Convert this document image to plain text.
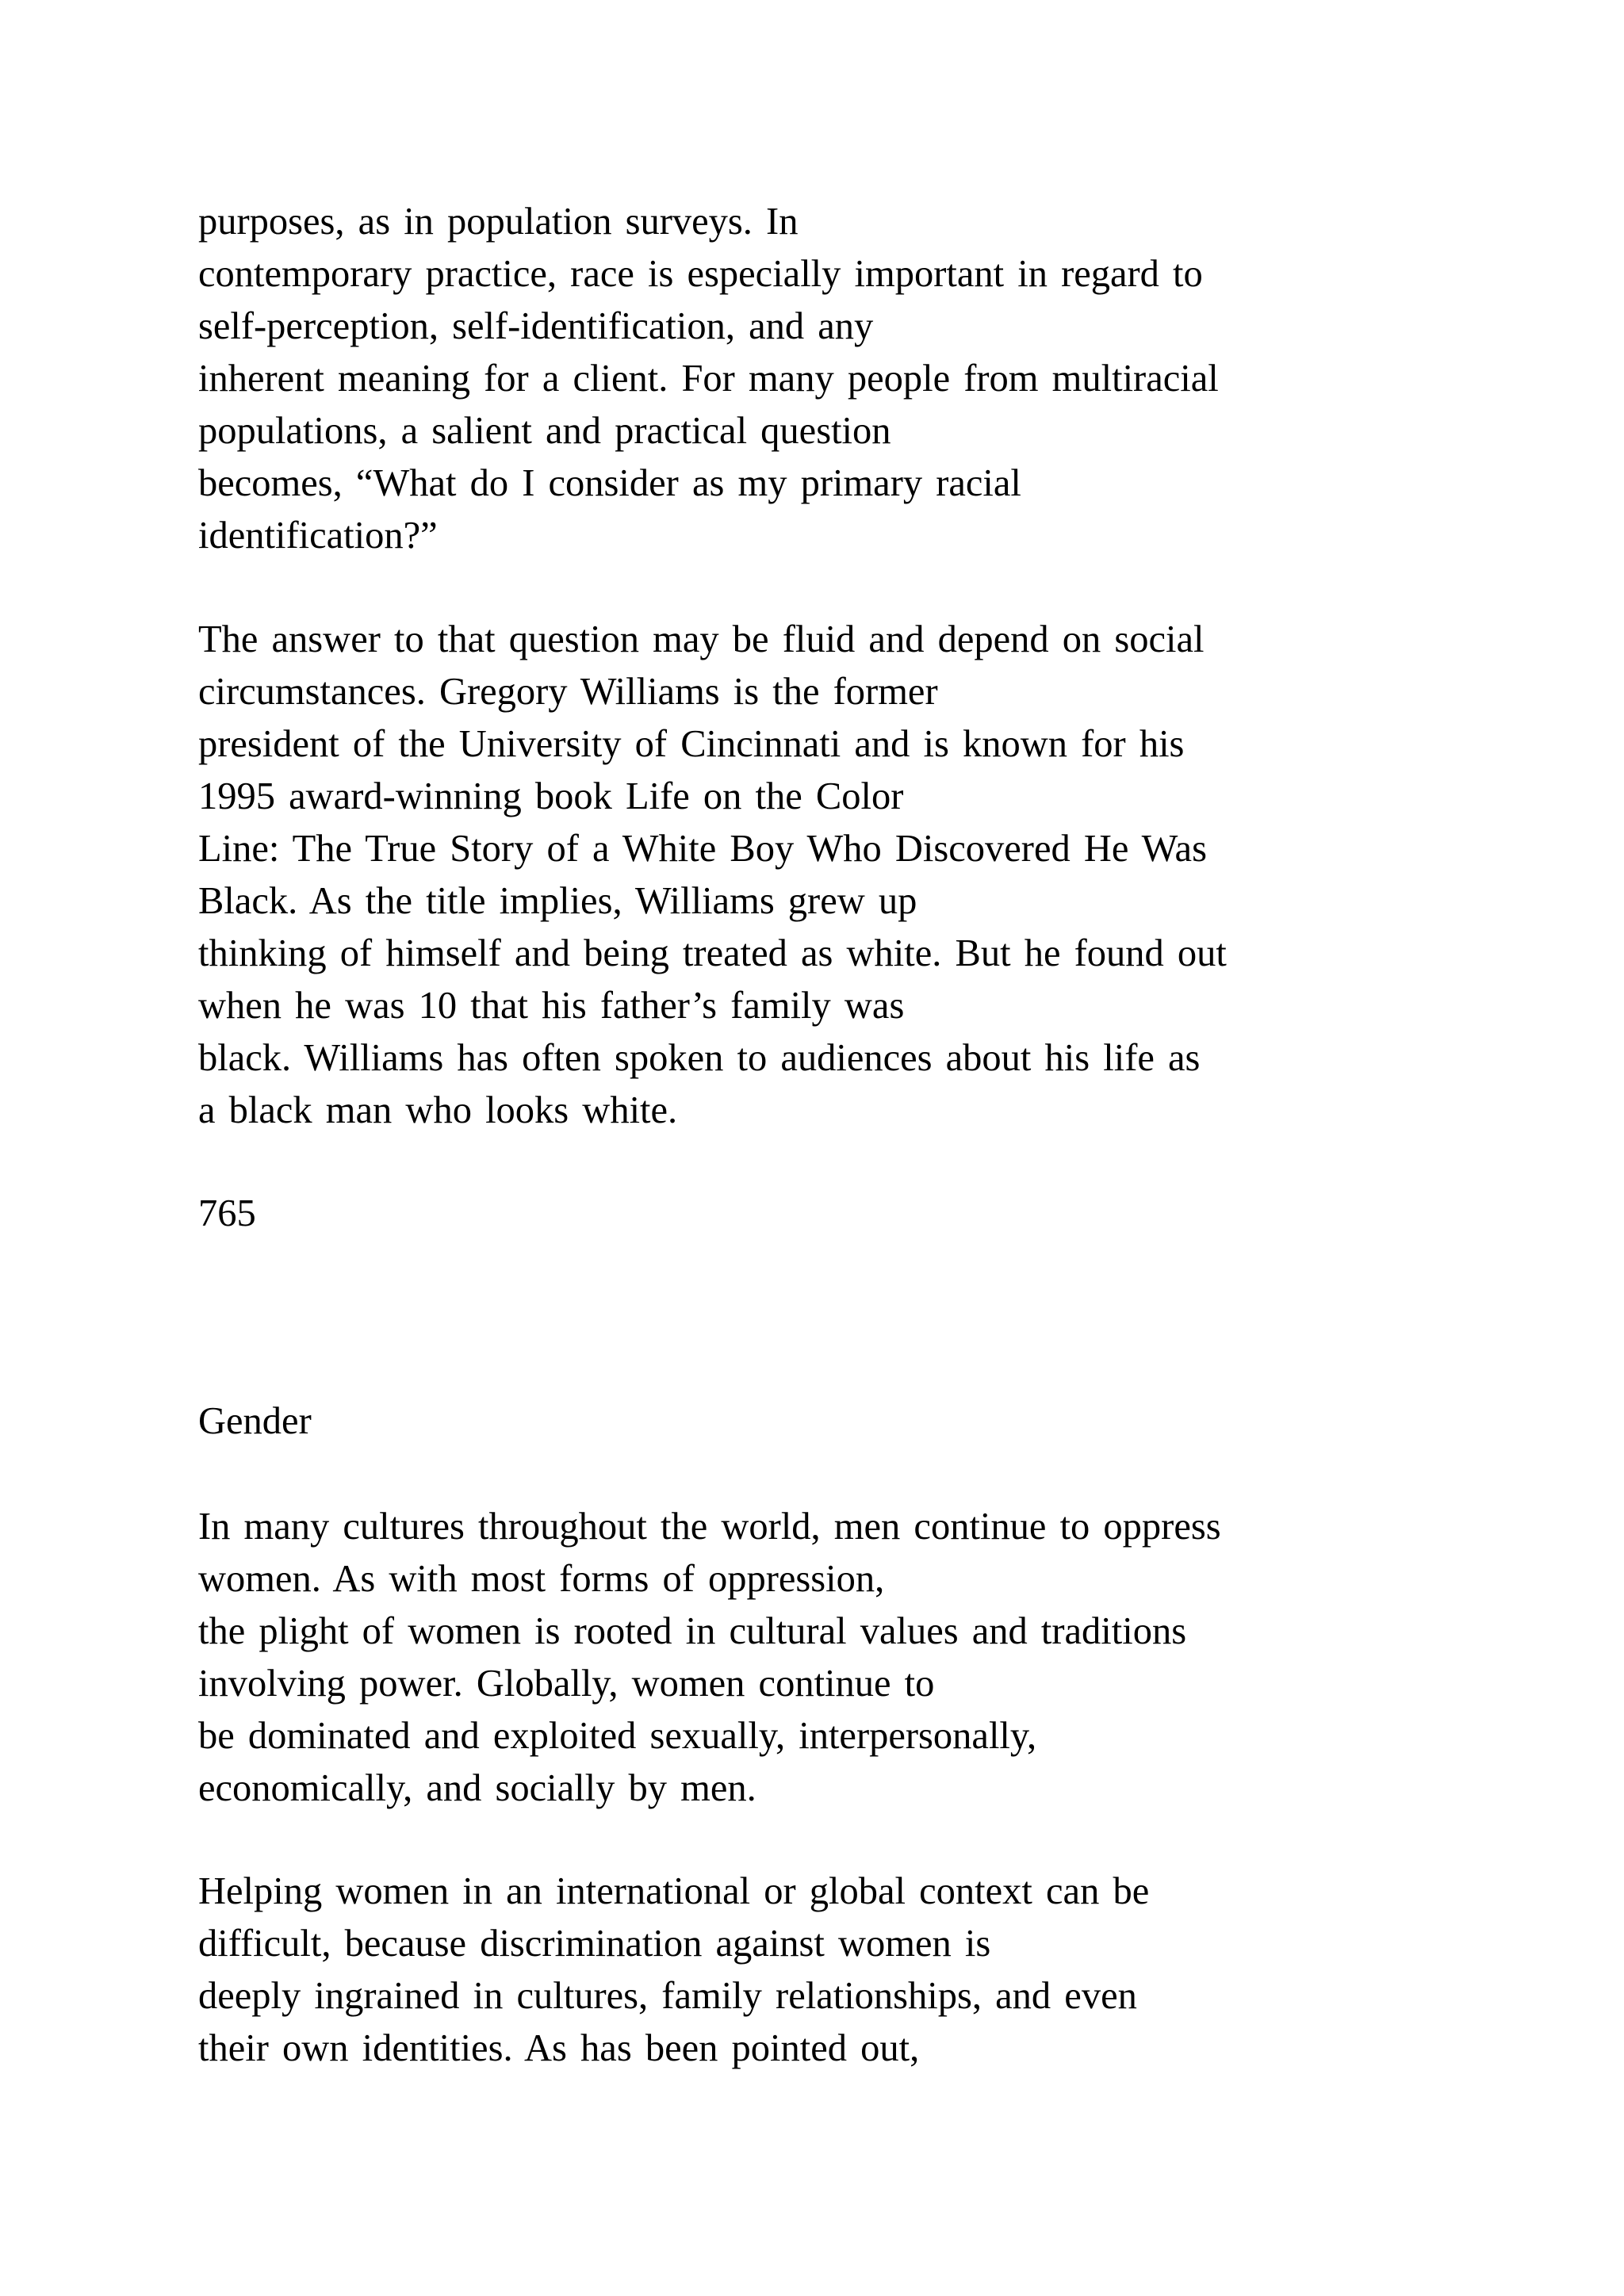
purposes, as in population surveys. In
contemporary practice, race is especially important in regard to
self-perception, self-identification, and any
inherent meaning for a client. For many people from multiracial
populations, a salient and practical question
becomes, “What do I consider as my primary racial
identification?”
The answer to that question may be fluid and depend on social
circumstances. Gregory Williams is the former
president of the University of Cincinnati and is known for his
1995 award-winning book Life on the Color
Line: The True Story of a White Boy Who Discovered He Was
Black. As the title implies, Williams grew up
thinking of himself and being treated as white. But he found out
when he was 10 that his father’s family was
black. Williams has often spoken to audiences about his life as
a black man who looks white.
765
Gender
In many cultures throughout the world, men continue to oppress
women. As with most forms of oppression,
the plight of women is rooted in cultural values and traditions
involving power. Globally, women continue to
be dominated and exploited sexually, interpersonally,
economically, and socially by men.
Helping women in an international or global context can be
difficult, because discrimination against women is
deeply ingrained in cultures, family relationships, and even
their own identities. As has been pointed out,
